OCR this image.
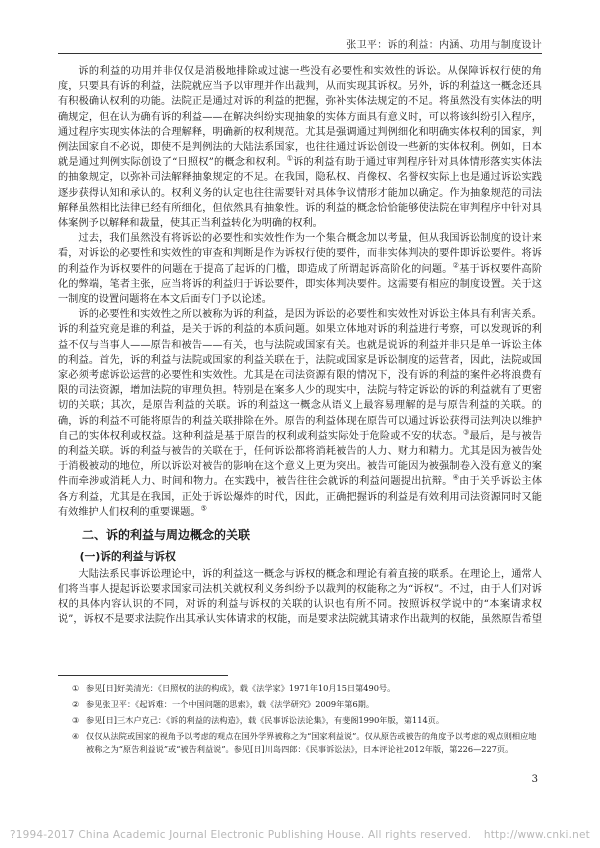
张卫平：诉的利益：内涵、功用与制度设计

诉的利益的功用并非仅仅是消极地排除或过滤一些没有必要性和实效性的诉讼。从保障诉权行使的角度，只要具有诉的利益，法院就应当予以审理并作出裁判，从而实现其诉权。另外，诉的利益这一概念还具有积极确认权利的功能。法院正是通过对诉的利益的把握，弥补实体法规定的不足。将虽然没有实体法的明确规定，但在认为确有诉的利益——在解决纠纷实现抽象的实体方面具有意义时，可以将该纠纷引入程序，通过程序实现实体法的合理解释，明确新的权利规范。尤其是强调通过判例细化和明确实体权利的国家，判例法国家自不必说，即使不是判例法的大陆法系国家，也往往通过诉讼创设一些新的实体权利。例如，日本就是通过判例实际创设了“日照权”的概念和权利。①诉的利益有助于通过审判程序针对具体情形落实实体法的抽象规定，以弥补司法解释抽象规定的不足。在我国，隐私权、肖像权、名誉权实际上也是通过诉讼实践逐步获得认知和承认的。权利义务的认定也往往需要针对具体争议情形才能加以确定。作为抽象规范的司法解释虽然相比法律已经有所细化，但依然具有抽象性。诉的利益的概念恰恰能够使法院在审判程序中针对具体案例予以解释和裁量，使其正当利益转化为明确的权利。

过去，我们虽然没有将诉讼的必要性和实效性作为一个集合概念加以考量，但从我国诉讼制度的设计来看，对诉讼的必要性和实效性的审查和判断是作为诉权行使的要件，而非实体判决的要件即诉讼要件。将诉的利益作为诉权要件的问题在于提高了起诉的门槛，即造成了所谓起诉高阶化的问题。②基于诉权要件高阶化的弊端，笔者主张，应当将诉的利益归于诉讼要件，即实体判决要件。这需要有相应的制度设置。关于这一制度的设置问题将在本文后面专门予以论述。

诉的必要性和实效性之所以被称为诉的利益，是因为诉讼的必要性和实效性对诉讼主体具有利害关系。诉的利益究竟是谁的利益，是关于诉的利益的本质问题。如果立体地对诉的利益进行考察，可以发现诉的利益不仅与当事人——原告和被告——有关，也与法院或国家有关。也就是说诉的利益并非只是单一诉讼主体的利益。首先，诉的利益与法院或国家的利益关联在于，法院或国家是诉讼制度的运营者，因此，法院或国家必须考虑诉讼运营的必要性和实效性。尤其是在司法资源有限的情况下，没有诉的利益的案件必将浪费有限的司法资源，增加法院的审理负担。特别是在案多人少的现实中，法院与特定诉讼的诉的利益就有了更密切的关联；其次，是原告利益的关联。诉的利益这一概念从语义上最容易理解的是与原告利益的关联。的确，诉的利益不可能将原告的利益关联排除在外。原告的利益体现在原告可以通过诉讼获得司法判决以维护自己的实体权利或权益。这种利益是基于原告的权利或利益实际处于危险或不安的状态。③最后，是与被告的利益关联。诉的利益与被告的关联在于，任何诉讼都将消耗被告的人力、财力和精力。尤其是因为被告处于消极被动的地位，所以诉讼对被告的影响在这个意义上更为突出。被告可能因为被强制卷入没有意义的案件而牵涉或消耗人力、时间和物力。在实践中，被告往往会就诉的利益问题提出抗辩。④由于关乎诉讼主体各方利益，尤其是在我国，正处于诉讼爆炸的时代，因此，正确把握诉的利益是有效利用司法资源同时又能有效维护人们权利的重要课题。⑤

二、诉的利益与周边概念的关联
(一)诉的利益与诉权

大陆法系民事诉讼理论中，诉的利益这一概念与诉权的概念和理论有着直接的联系。在理论上，通常人们将当事人提起诉讼要求国家司法机关就权利义务纠纷予以裁判的权能称之为“诉权”。不过，由于人们对诉权的具体内容认识的不同，对诉的利益与诉权的关联的认识也有所不同。按照诉权学说中的“本案请求权说”，诉权不是要求法院作出其承认实体请求的权能，而是要求法院就其请求作出裁判的权能，虽然原告希望

① 参见[日]好美清光：《日照权的法的构成》，载《法学家》1971年10月15日第490号。

② 参见张卫平：《起诉难：一个中国问题的思索》，载《法学研究》2009年第6期。

③ 参见[日]三木户克己：《诉的利益的法构造》，载《民事诉讼法论集》，有斐阁1990年版，第114页。

④ 仅仅从法院或国家的视角予以考虑的观点在国外学界被称之为“国家利益说”。仅从原告或被告的角度予以考虑的观点则相应地被称之为“原告利益说”或“被告利益说”。参见[日]川岛四郎：《民事诉讼法》，日本评论社2012年版，第226—227页。

3
?1994-2017 China Academic Journal Electronic Publishing House. All rights reserved. http://www.cnki.net
